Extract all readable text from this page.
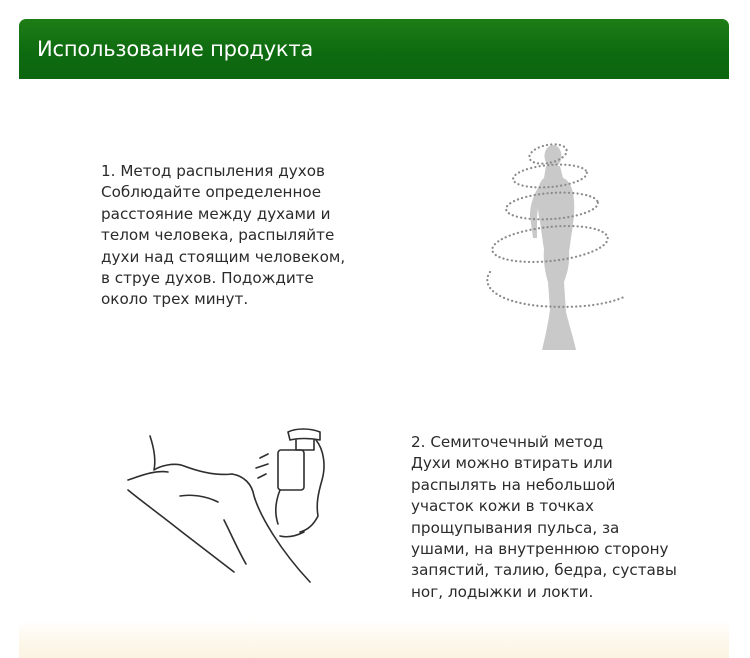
Использование продукта
1. Метод распыления духов
Соблюдайте определенное
расстояние между духами и
телом человека, распыляйте
духи над стоящим человеком,
в струе духов. Подождите
около трех минут.
2. Семиточечный метод
Духи можно втирать или
распылять на небольшой
участок кожи в точках
прощупывания пульса, за
ушами, на внутреннюю сторону
запястий, талию, бедра, суставы
ног, лодыжки и локти.
